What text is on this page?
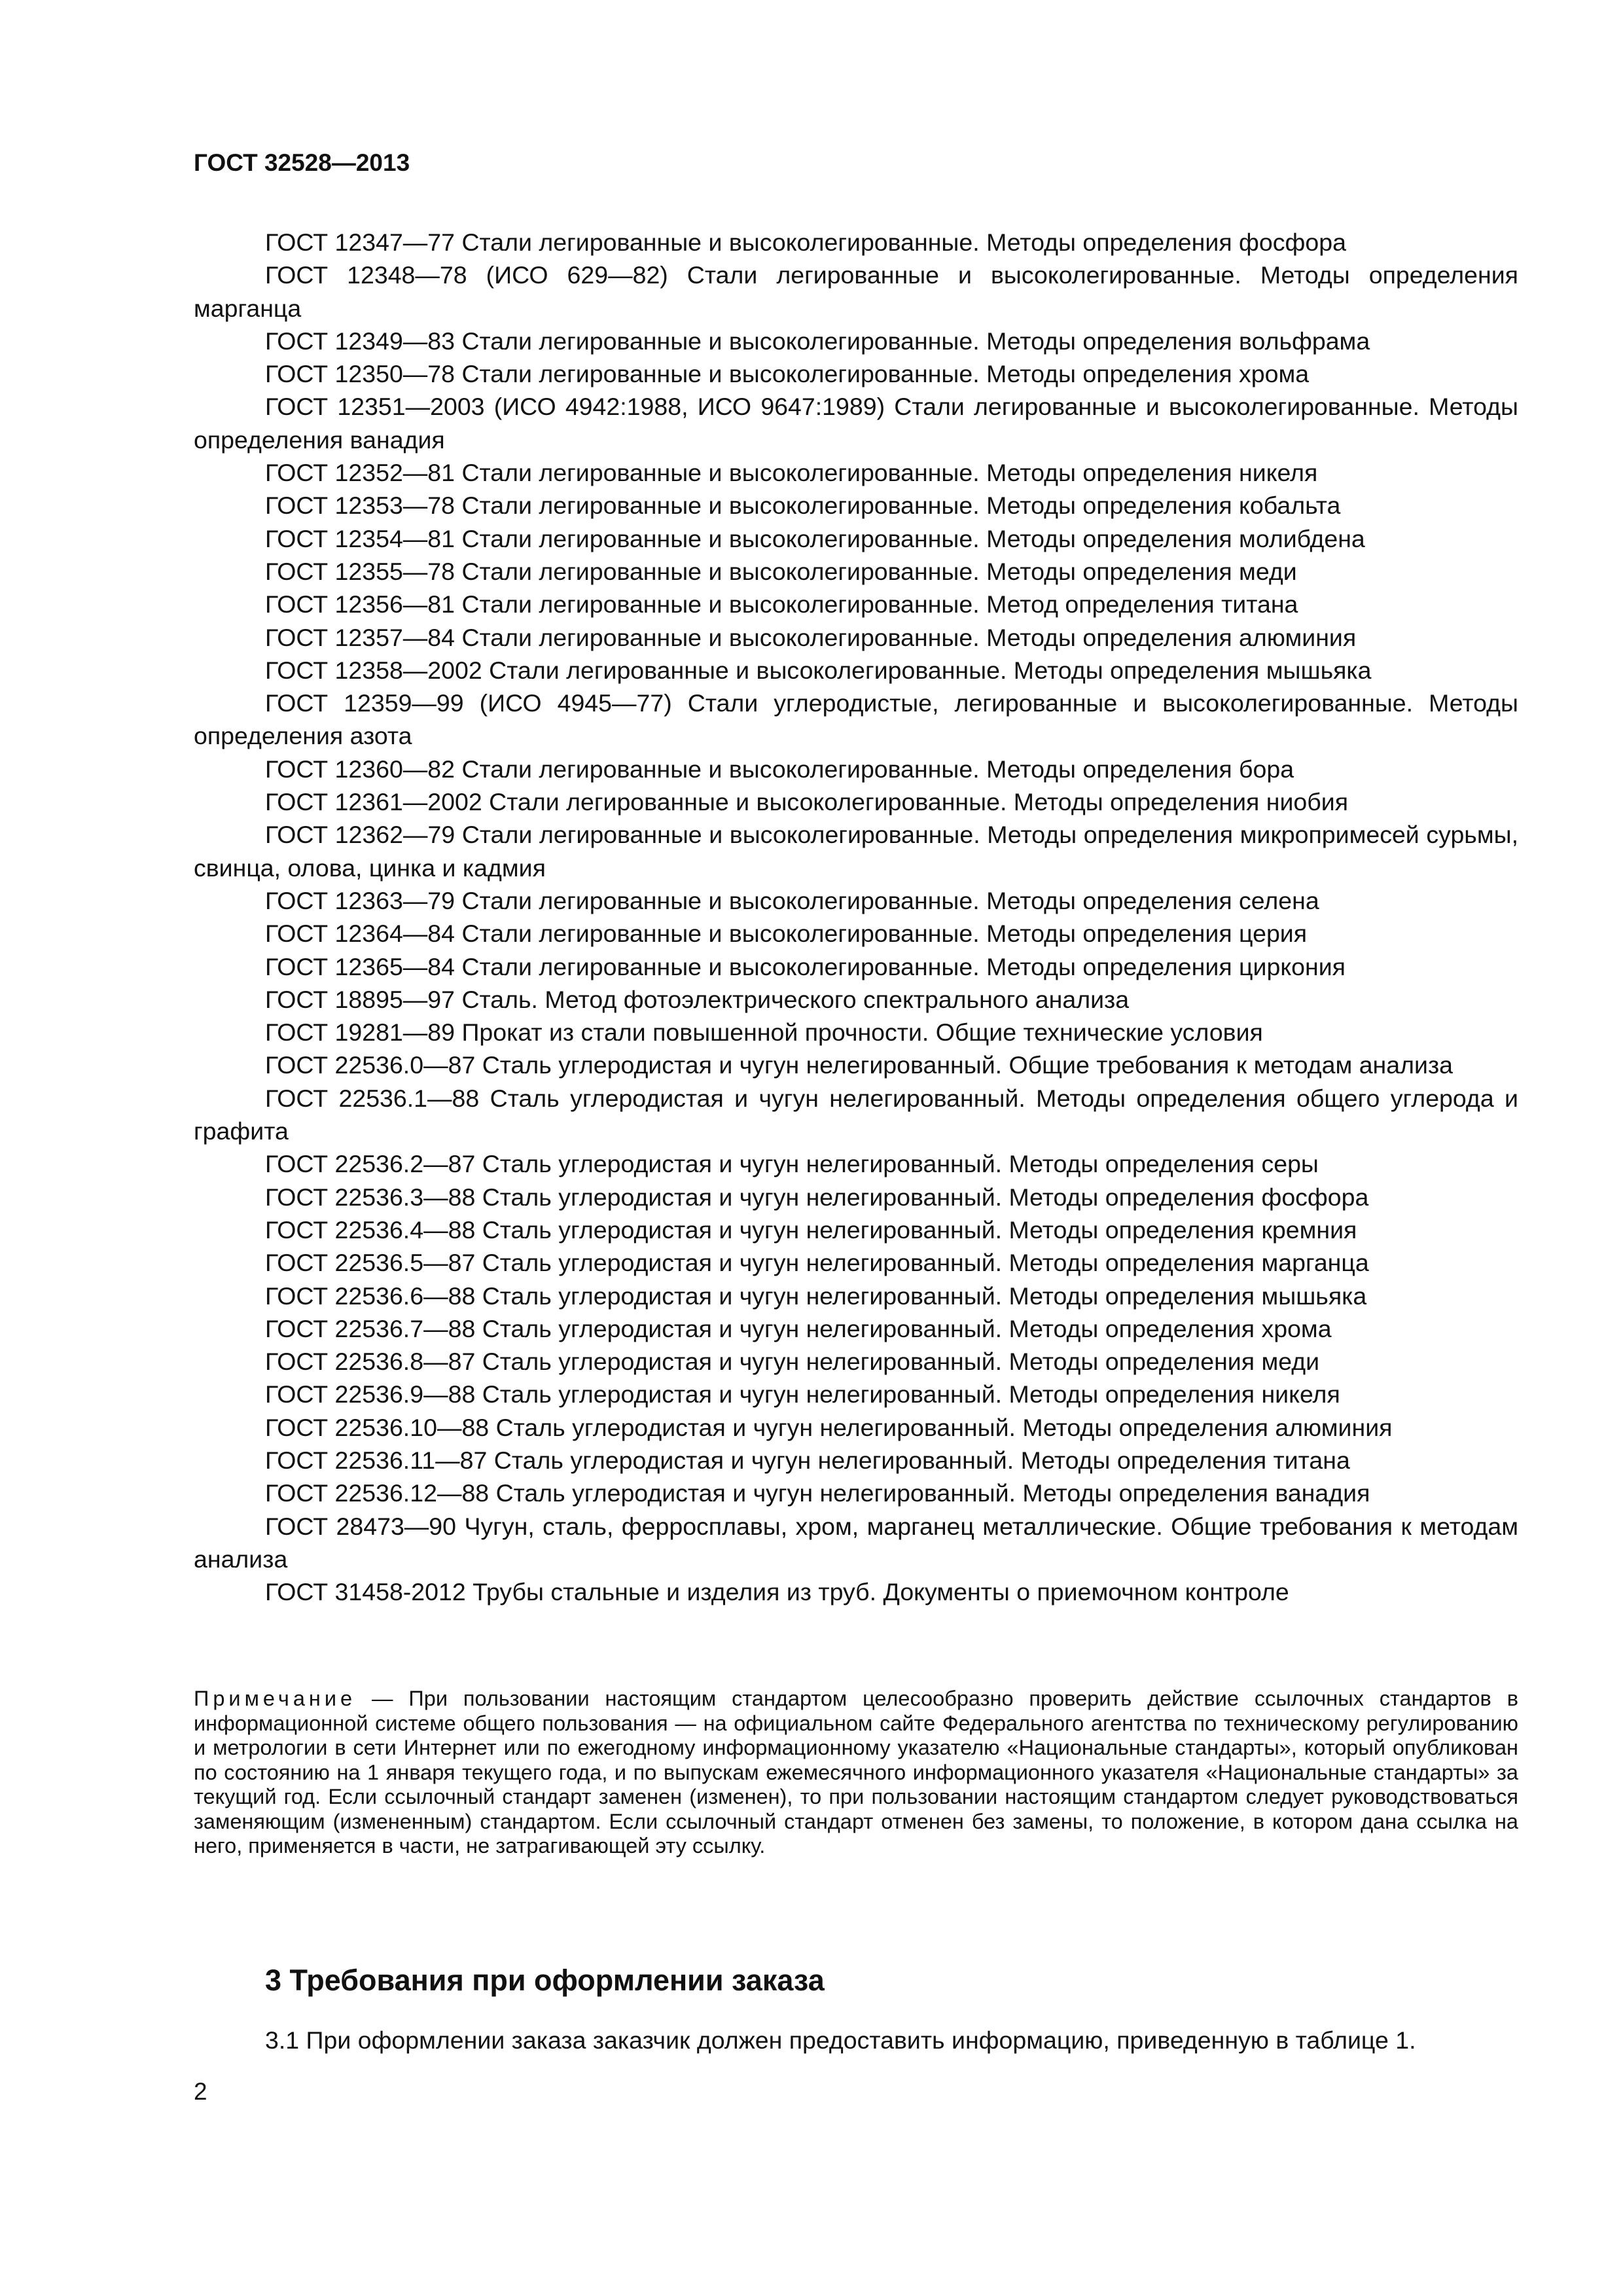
ГОСТ 32528—2013

ГОСТ 12347—77 Стали легированные и высоколегированные. Методы определения фосфора

ГОСТ 12348—78 (ИСО 629—82) Стали легированные и высоколегированные. Методы определения марганца

ГОСТ 12349—83 Стали легированные и высоколегированные. Методы определения вольфрама

ГОСТ 12350—78 Стали легированные и высоколегированные. Методы определения хрома

ГОСТ 12351—2003 (ИСО 4942:1988, ИСО 9647:1989) Стали легированные и высоколегированные. Методы определения ванадия

ГОСТ 12352—81 Стали легированные и высоколегированные. Методы определения никеля

ГОСТ 12353—78 Стали легированные и высоколегированные. Методы определения кобальта

ГОСТ 12354—81 Стали легированные и высоколегированные. Методы определения молибдена

ГОСТ 12355—78 Стали легированные и высоколегированные. Методы определения меди

ГОСТ 12356—81 Стали легированные и высоколегированные. Метод определения титана

ГОСТ 12357—84 Стали легированные и высоколегированные. Методы определения алюминия

ГОСТ 12358—2002 Стали легированные и высоколегированные. Методы определения мышьяка

ГОСТ 12359—99 (ИСО 4945—77) Стали углеродистые, легированные и высоколегированные. Методы определения азота

ГОСТ 12360—82 Стали легированные и высоколегированные. Методы определения бора

ГОСТ 12361—2002 Стали легированные и высоколегированные. Методы определения ниобия

ГОСТ 12362—79 Стали легированные и высоколегированные. Методы определения микропримесей сурьмы, свинца, олова, цинка и кадмия

ГОСТ 12363—79 Стали легированные и высоколегированные. Методы определения селена

ГОСТ 12364—84 Стали легированные и высоколегированные. Методы определения церия

ГОСТ 12365—84 Стали легированные и высоколегированные. Методы определения циркония

ГОСТ 18895—97 Сталь. Метод фотоэлектрического спектрального анализа

ГОСТ 19281—89 Прокат из стали повышенной прочности. Общие технические условия

ГОСТ 22536.0—87 Сталь углеродистая и чугун нелегированный. Общие требования к методам анализа

ГОСТ 22536.1—88 Сталь углеродистая и чугун нелегированный. Методы определения общего углерода и графита

ГОСТ 22536.2—87 Сталь углеродистая и чугун нелегированный. Методы определения серы

ГОСТ 22536.3—88 Сталь углеродистая и чугун нелегированный. Методы определения фосфора

ГОСТ 22536.4—88 Сталь углеродистая и чугун нелегированный. Методы определения кремния

ГОСТ 22536.5—87 Сталь углеродистая и чугун нелегированный. Методы определения марганца

ГОСТ 22536.6—88 Сталь углеродистая и чугун нелегированный. Методы определения мышьяка

ГОСТ 22536.7—88 Сталь углеродистая и чугун нелегированный. Методы определения хрома

ГОСТ 22536.8—87 Сталь углеродистая и чугун нелегированный. Методы определения меди

ГОСТ 22536.9—88 Сталь углеродистая и чугун нелегированный. Методы определения никеля

ГОСТ 22536.10—88 Сталь углеродистая и чугун нелегированный. Методы определения алюминия

ГОСТ 22536.11—87 Сталь углеродистая и чугун нелегированный. Методы определения титана

ГОСТ 22536.12—88 Сталь углеродистая и чугун нелегированный. Методы определения ванадия

ГОСТ 28473—90 Чугун, сталь, ферросплавы, хром, марганец металлические. Общие требования к методам анализа

ГОСТ 31458-2012 Трубы стальные и изделия из труб. Документы о приемочном контроле

Примечание — При пользовании настоящим стандартом целесообразно проверить действие ссылочных стандартов в информационной системе общего пользования — на официальном сайте Федерального агентства по техническому регулированию и метрологии в сети Интернет или по ежегодному информационному указателю «Национальные стандарты», который опубликован по состоянию на 1 января текущего года, и по выпускам ежемесячного информационного указателя «Национальные стандарты» за текущий год. Если ссылочный стандарт заменен (изменен), то при пользовании настоящим стандартом следует руководствоваться заменяющим (измененным) стандартом. Если ссылочный стандарт отменен без замены, то положение, в котором дана ссылка на него, применяется в части, не затрагивающей эту ссылку.
3 Требования при оформлении заказа
3.1 При оформлении заказа заказчик должен предоставить информацию, приведенную в таблице 1.
2
